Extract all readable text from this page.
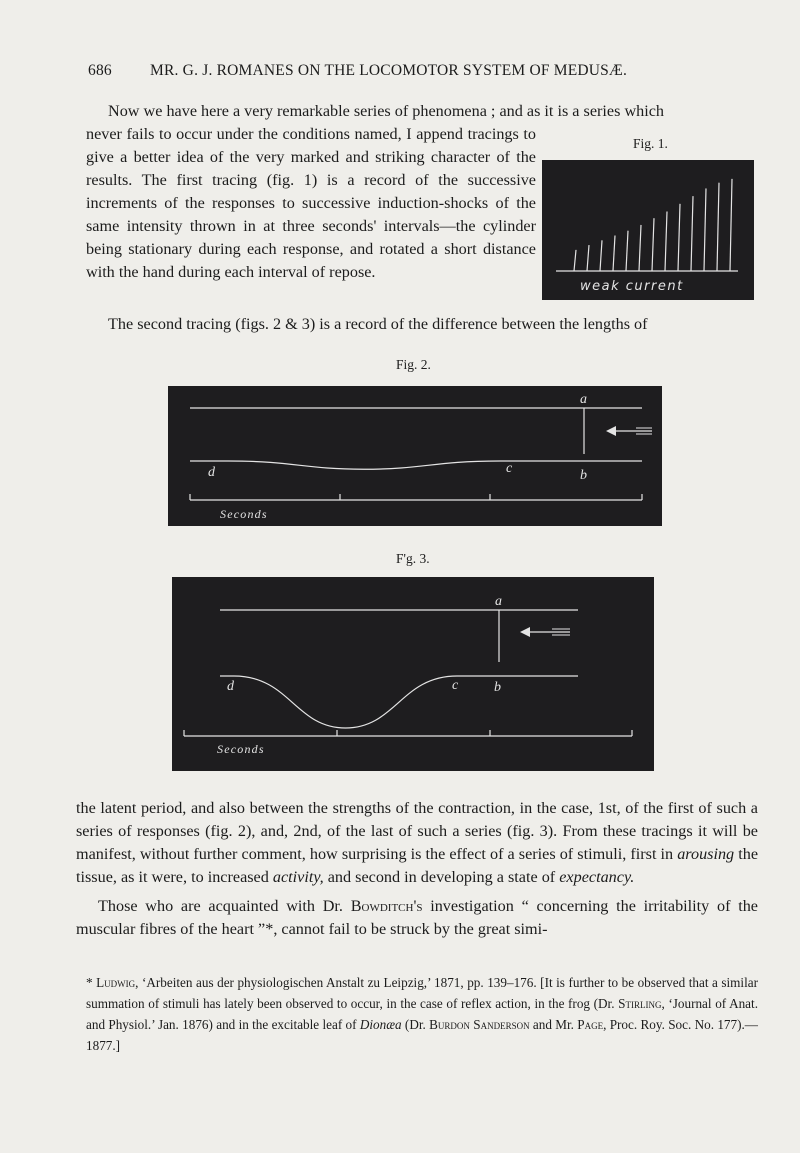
686 MR. G. J. ROMANES ON THE LOCOMOTOR SYSTEM OF MEDUSÆ.

Now we have here a very remarkable series of phenomena ; and as it is a series which

never fails to occur under the conditions named, I append tracings to give a better idea of the very marked and striking character of the results. The first tracing (fig. 1) is a record of the successive increments of the responses to successive induction-shocks of the same intensity thrown in at three seconds' intervals—the cylinder being stationary during each response, and rotated a short distance with the hand during each interval of repose.

Fig. 1.
weak current

The second tracing (figs. 2 & 3) is a record of the difference between the lengths of

Fig. 2.
a
d	c	b
Seconds
F'g. 3.
a
d	c	b
Seconds

the latent period, and also between the strengths of the contraction, in the case, 1st, of the first of such a series of responses (fig. 2), and, 2nd, of the last of such a series (fig. 3). From these tracings it will be manifest, without further comment, how surprising is the effect of a series of stimuli, first in arousing the tissue, as it were, to increased activity, and second in developing a state of expectancy.

Those who are acquainted with Dr. Bowditch's investigation “ concerning the irritability of the muscular fibres of the heart ”*, cannot fail to be struck by the great simi-

* Ludwig, ‘Arbeiten aus der physiologischen Anstalt zu Leipzig,’ 1871, pp. 139–176. [It is further to be observed that a similar summation of stimuli has lately been observed to occur, in the case of reflex action, in the frog (Dr. Stirling, ‘Journal of Anat. and Physiol.’ Jan. 1876) and in the excitable leaf of Dionæa (Dr. Burdon Sanderson and Mr. Page, Proc. Roy. Soc. No. 177).—1877.]
